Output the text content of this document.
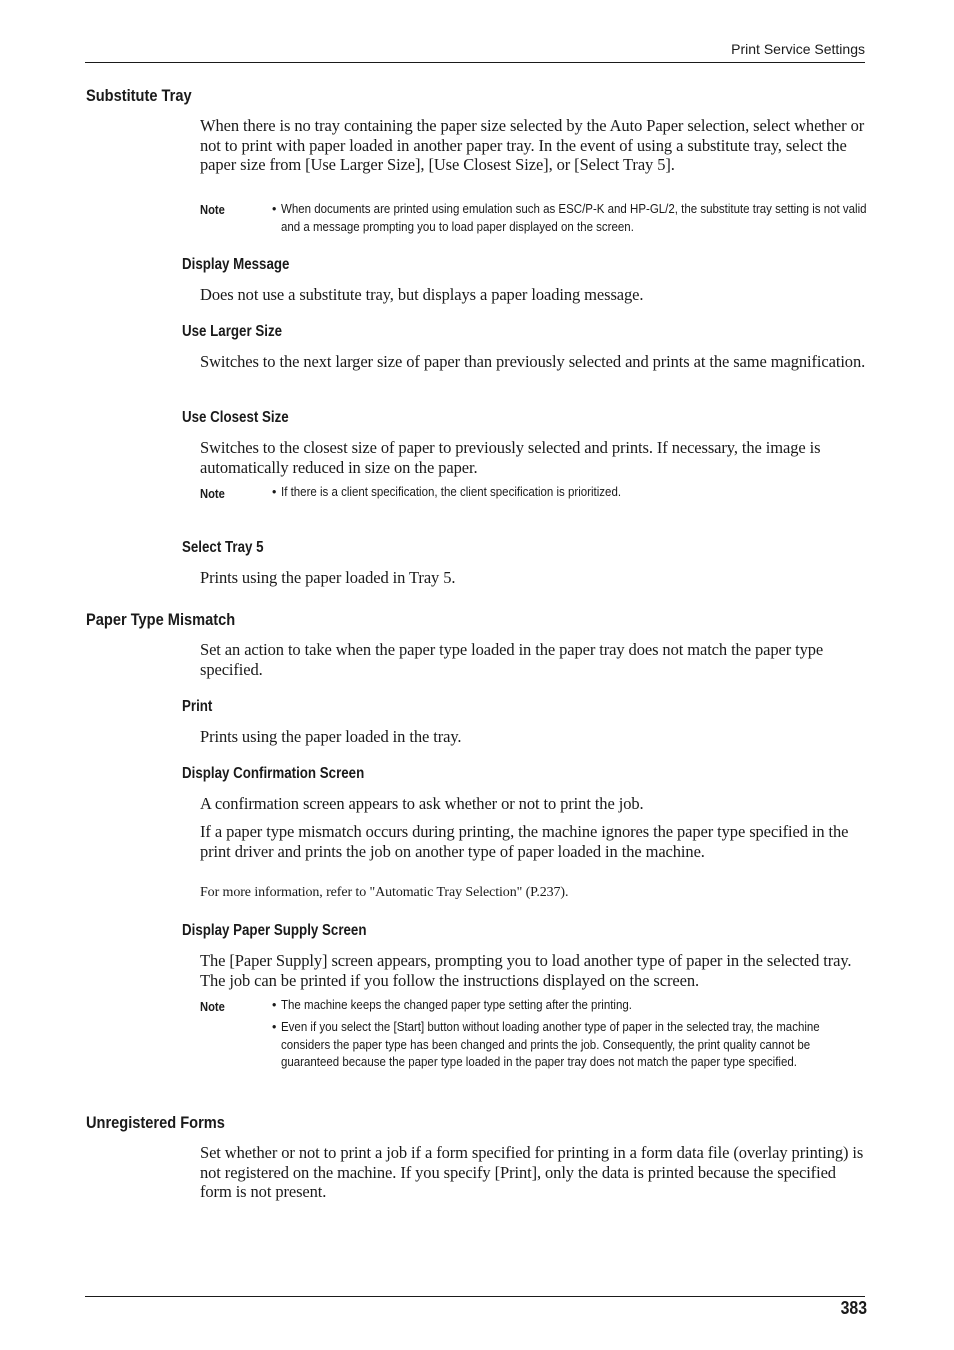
Print Service Settings
Substitute Tray
When there is no tray containing the paper size selected by the Auto Paper selection, select whether or not to print with paper loaded in another paper tray. In the event of using a substitute tray, select the paper size from [Use Larger Size], [Use Closest Size], or [Select Tray 5].
Note	• When documents are printed using emulation such as ESC/P-K and HP-GL/2, the substitute tray setting is not valid and a message prompting you to load paper displayed on the screen.
Display Message
Does not use a substitute tray, but displays a paper loading message.
Use Larger Size
Switches to the next larger size of paper than previously selected and prints at the same magnification.
Use Closest Size
Switches to the closest size of paper to previously selected and prints. If necessary, the image is automatically reduced in size on the paper.
Note	• If there is a client specification, the client specification is prioritized.
Select Tray 5
Prints using the paper loaded in Tray 5.
Paper Type Mismatch
Set an action to take when the paper type loaded in the paper tray does not match the paper type specified.
Print
Prints using the paper loaded in the tray.
Display Confirmation Screen
A confirmation screen appears to ask whether or not to print the job.
If a paper type mismatch occurs during printing, the machine ignores the paper type specified in the print driver and prints the job on another type of paper loaded in the machine.
For more information, refer to "Automatic Tray Selection" (P.237).
Display Paper Supply Screen
The [Paper Supply] screen appears, prompting you to load another type of paper in the selected tray. The job can be printed if you follow the instructions displayed on the screen.
Note	• The machine keeps the changed paper type setting after the printing.
• Even if you select the [Start] button without loading another type of paper in the selected tray, the machine considers the paper type has been changed and prints the job. Consequently, the print quality cannot be guaranteed because the paper type loaded in the paper tray does not match the paper type specified.
Unregistered Forms
Set whether or not to print a job if a form specified for printing in a form data file (overlay printing) is not registered on the machine. If you specify [Print], only the data is printed because the specified form is not present.
383
